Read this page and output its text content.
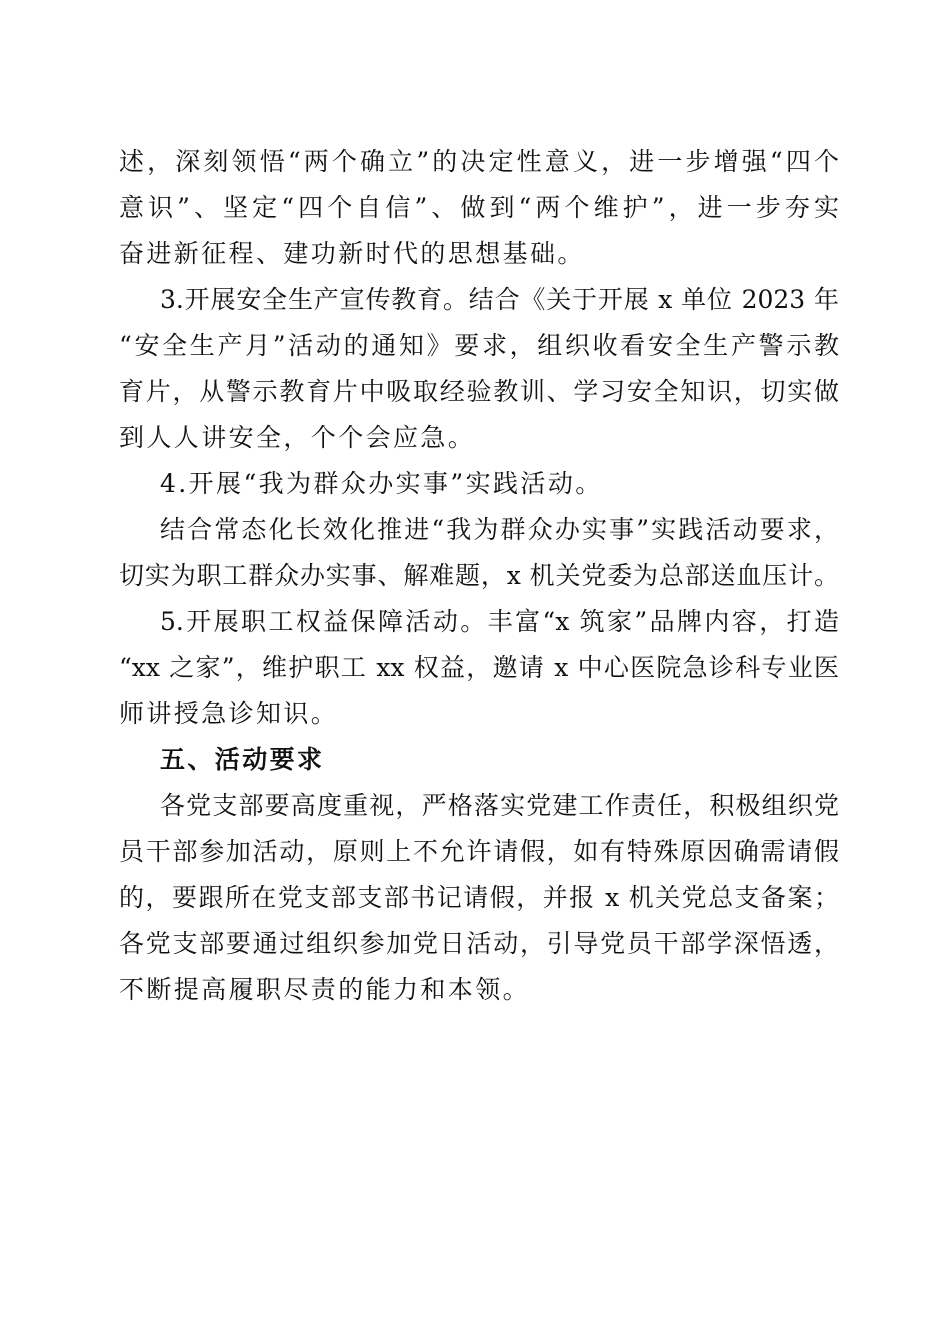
述，深刻领悟“两个确立”的决定性意义，进一步增强“四个
意识”、坚定“四个自信”、做到“两个维护”，进一步夯实
奋进新征程、建功新时代的思想基础。
3.开展安全生产宣传教育。结合《关于开展 x 单位 2023 年
“安全生产月”活动的通知》要求，组织收看安全生产警示教
育片，从警示教育片中吸取经验教训、学习安全知识，切实做
到人人讲安全，个个会应急。
4.开展“我为群众办实事”实践活动。
结合常态化长效化推进“我为群众办实事”实践活动要求，
切实为职工群众办实事、解难题，x 机关党委为总部送血压计。
5.开展职工权益保障活动。丰富“x 筑家”品牌内容，打造
“xx 之家”，维护职工 xx 权益，邀请 x 中心医院急诊科专业医
师讲授急诊知识。
五、活动要求
各党支部要高度重视，严格落实党建工作责任，积极组织党
员干部参加活动，原则上不允许请假，如有特殊原因确需请假
的，要跟所在党支部支部书记请假，并报 x 机关党总支备案；
各党支部要通过组织参加党日活动，引导党员干部学深悟透，
不断提高履职尽责的能力和本领。
